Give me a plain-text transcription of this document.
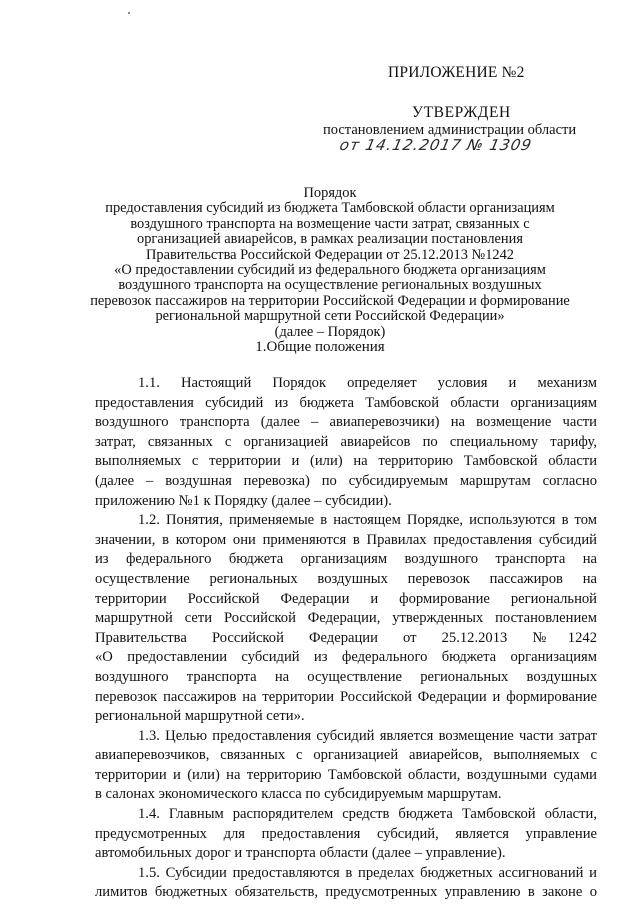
ПРИЛОЖЕНИЕ №2
УТВЕРЖДЕН
постановлением администрации области
от 14.12.2017 № 1309
Порядок
предоставления субсидий из бюджета Тамбовской области организациям
воздушного транспорта на возмещение части затрат, связанных с
организацией авиарейсов, в рамках реализации постановления
Правительства Российской Федерации от 25.12.2013 №1242
«О предоставлении субсидий из федерального бюджета организациям
воздушного транспорта на осуществление региональных воздушных
перевозок пассажиров на территории Российской Федерации и формирование
региональной маршрутной сети Российской Федерации»
(далее – Порядок)
1.Общие положения
1.1. Настоящий Порядок определяет условия и механизм
предоставления субсидий из бюджета Тамбовской области организациям
воздушного транспорта (далее – авиаперевозчики) на возмещение части
затрат, связанных с организацией авиарейсов по специальному тарифу,
выполняемых с территории и (или) на территорию Тамбовской области
(далее – воздушная перевозка) по субсидируемым маршрутам согласно
приложению №1 к Порядку (далее – субсидии).
1.2. Понятия, применяемые в настоящем Порядке, используются в том
значении, в котором они применяются в Правилах предоставления субсидий
из федерального бюджета организациям воздушного транспорта на
осуществление региональных воздушных перевозок пассажиров на
территории Российской Федерации и формирование региональной
маршрутной сети Российской Федерации, утвержденных постановлением
Правительства Российской Федерации от 25.12.2013 №1242
«О предоставлении субсидий из федерального бюджета организациям
воздушного транспорта на осуществление региональных воздушных
перевозок пассажиров на территории Российской Федерации и формирование
региональной маршрутной сети».
1.3. Целью предоставления субсидий является возмещение части затрат
авиаперевозчиков, связанных с организацией авиарейсов, выполняемых с
территории и (или) на территорию Тамбовской области, воздушными судами
в салонах экономического класса по субсидируемым маршрутам.
1.4. Главным распорядителем средств бюджета Тамбовской области,
предусмотренных для предоставления субсидий, является управление
автомобильных дорог и транспорта области (далее – управление).
1.5. Субсидии предоставляются в пределах бюджетных ассигнований и
лимитов бюджетных обязательств, предусмотренных управлению в законе о
